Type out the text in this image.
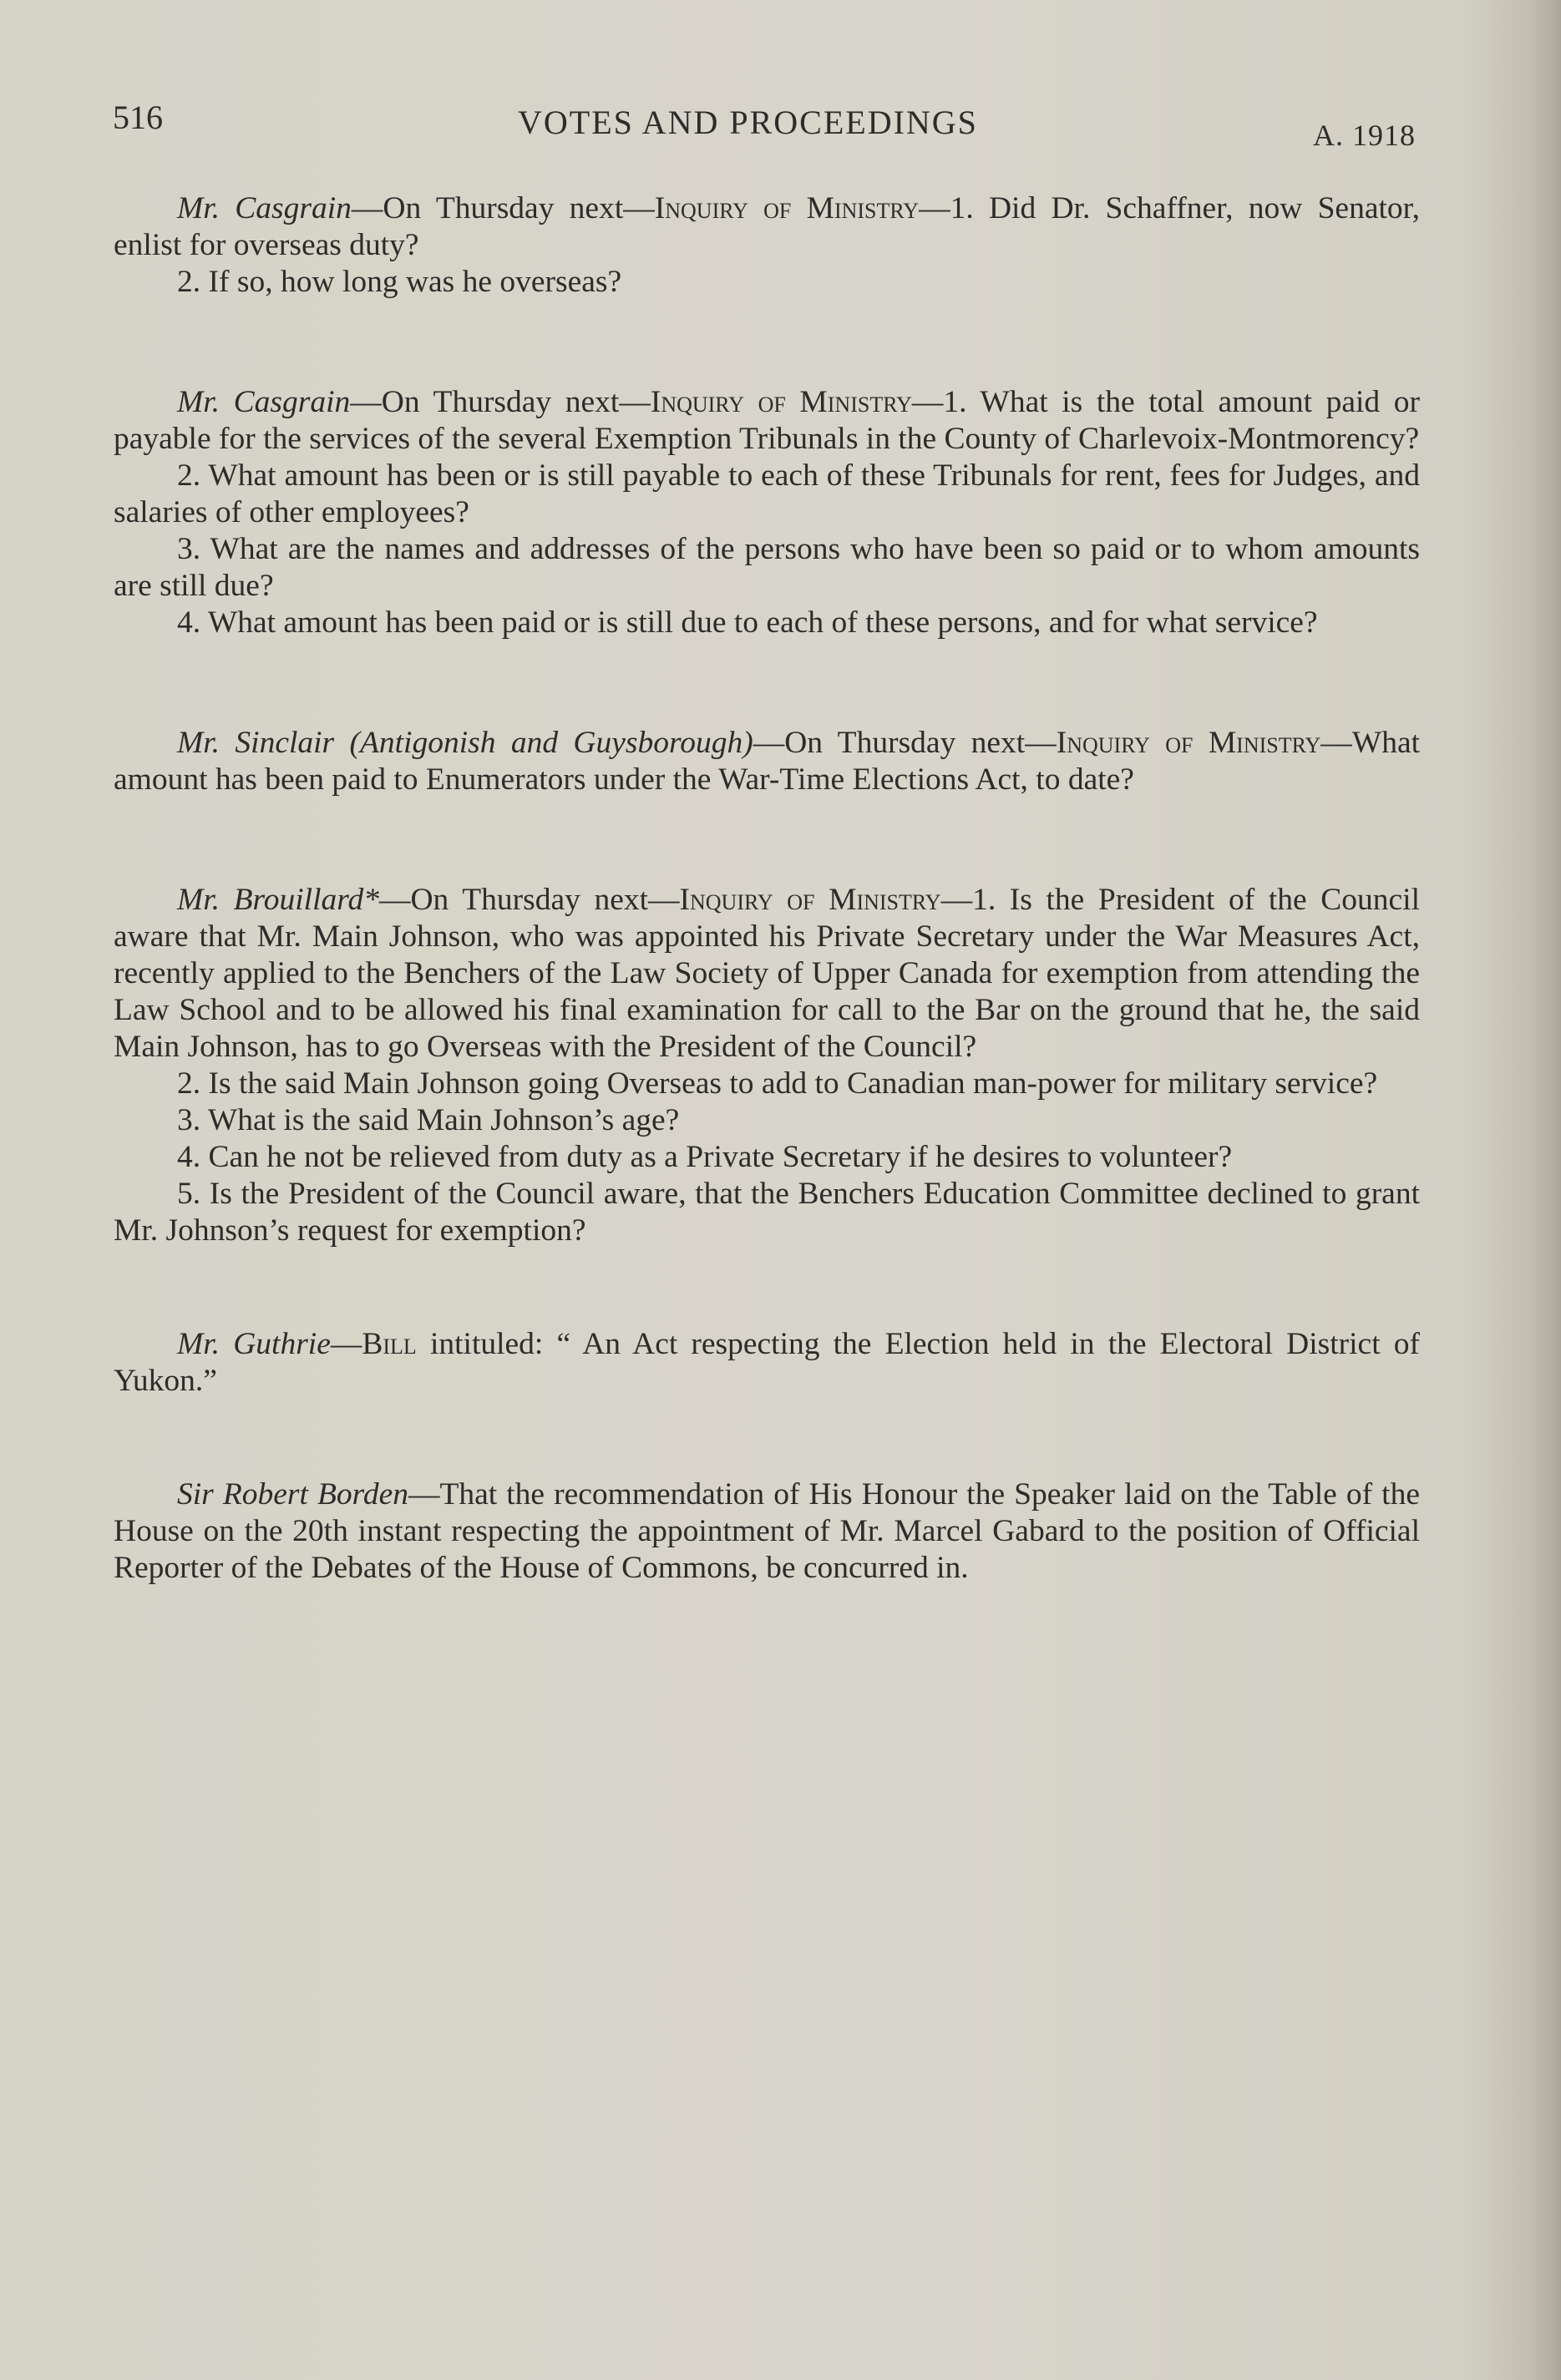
516	VOTES AND PROCEEDINGS	A. 1918

Mr. Casgrain—On Thursday next—Inquiry of Ministry—1. Did Dr. Schaffner, now Senator, enlist for overseas duty?

2. If so, how long was he overseas?

Mr. Casgrain—On Thursday next—Inquiry of Ministry—1. What is the total amount paid or payable for the services of the several Exemption Tribunals in the County of Charlevoix-Montmorency?

2. What amount has been or is still payable to each of these Tribunals for rent, fees for Judges, and salaries of other employees?

3. What are the names and addresses of the persons who have been so paid or to whom amounts are still due?

4. What amount has been paid or is still due to each of these persons, and for what service?

Mr. Sinclair (Antigonish and Guysborough)—On Thursday next—Inquiry of Ministry—What amount has been paid to Enumerators under the War-Time Elections Act, to date?

Mr. Brouillard*—On Thursday next—Inquiry of Ministry—1. Is the President of the Council aware that Mr. Main Johnson, who was appointed his Private Secretary under the War Measures Act, recently applied to the Benchers of the Law Society of Upper Canada for exemption from attending the Law School and to be allowed his final examination for call to the Bar on the ground that he, the said Main Johnson, has to go Overseas with the President of the Council?

2. Is the said Main Johnson going Overseas to add to Canadian man-power for military service?

3. What is the said Main Johnson’s age?

4. Can he not be relieved from duty as a Private Secretary if he desires to volunteer?

5. Is the President of the Council aware, that the Benchers Education Committee declined to grant Mr. Johnson’s request for exemption?

Mr. Guthrie—Bill intituled: “ An Act respecting the Election held in the Electoral District of Yukon.”

Sir Robert Borden—That the recommendation of His Honour the Speaker laid on the Table of the House on the 20th instant respecting the appointment of Mr. Marcel Gabard to the position of Official Reporter of the Debates of the House of Commons, be concurred in.
